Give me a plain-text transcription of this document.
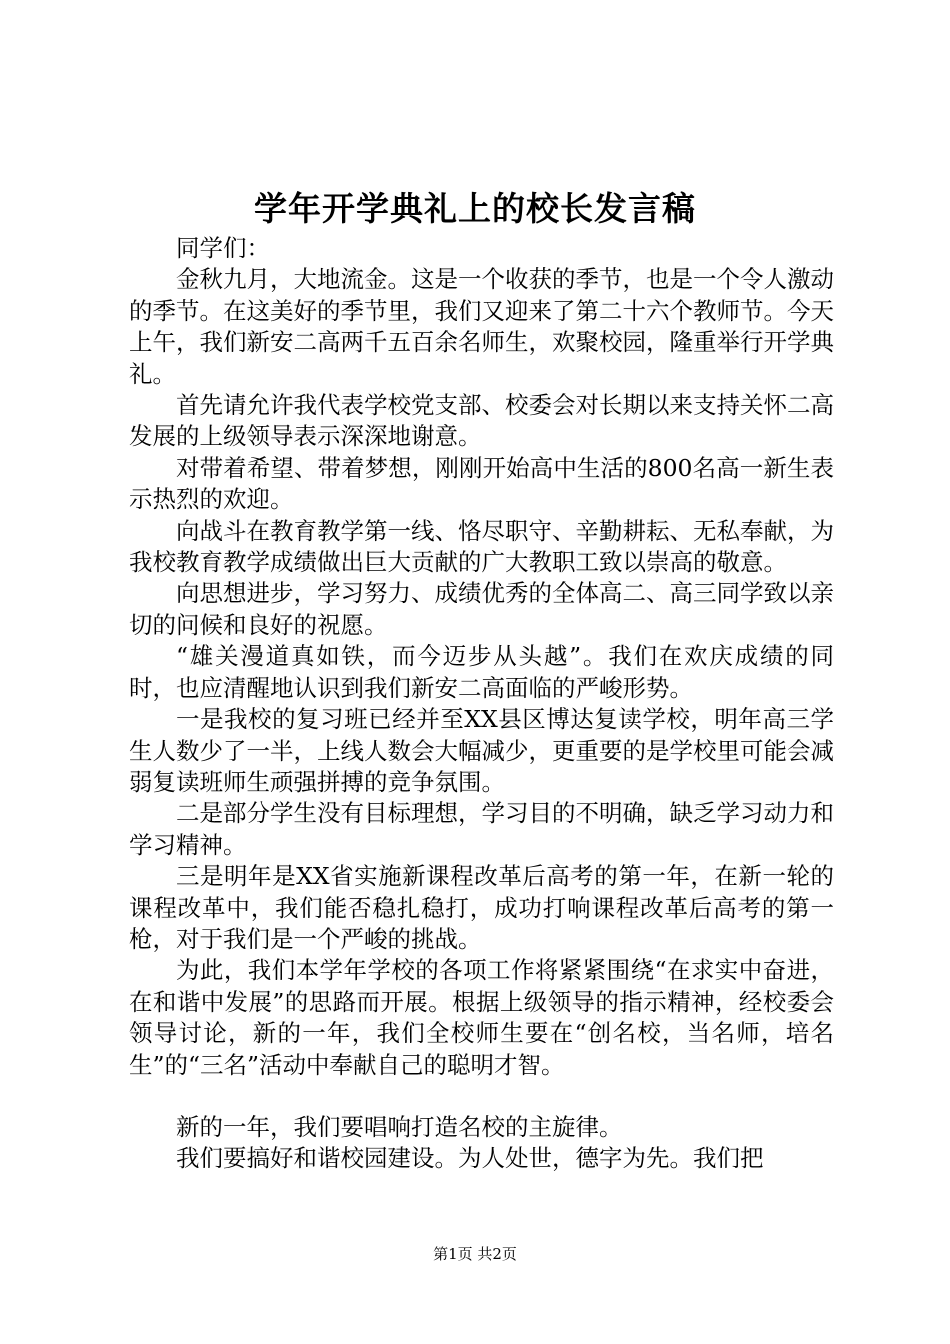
学年开学典礼上的校长发言稿

同学们：

金秋九月，大地流金。这是一个收获的季节，也是一个令人激动的季节。在这美好的季节里，我们又迎来了第二十六个教师节。今天上午，我们新安二高两千五百余名师生，欢聚校园，隆重举行开学典礼。

首先请允许我代表学校党支部、校委会对长期以来支持关怀二高发展的上级领导表示深深地谢意。

对带着希望、带着梦想，刚刚开始高中生活的800名高一新生表示热烈的欢迎。

向战斗在教育教学第一线、恪尽职守、辛勤耕耘、无私奉献，为我校教育教学成绩做出巨大贡献的广大教职工致以崇高的敬意。

向思想进步，学习努力、成绩优秀的全体高二、高三同学致以亲切的问候和良好的祝愿。

“雄关漫道真如铁，而今迈步从头越”。我们在欢庆成绩的同时，也应清醒地认识到我们新安二高面临的严峻形势。

一是我校的复习班已经并至XX县区博达复读学校，明年高三学生人数少了一半，上线人数会大幅减少，更重要的是学校里可能会减弱复读班师生顽强拼搏的竞争氛围。

二是部分学生没有目标理想，学习目的不明确，缺乏学习动力和学习精神。

三是明年是XX省实施新课程改革后高考的第一年，在新一轮的课程改革中，我们能否稳扎稳打，成功打响课程改革后高考的第一枪，对于我们是一个严峻的挑战。

为此，我们本学年学校的各项工作将紧紧围绕“在求实中奋进，在和谐中发展”的思路而开展。根据上级领导的指示精神，经校委会领导讨论，新的一年，我们全校师生要在“创名校，当名师，培名生”的“三名”活动中奉献自己的聪明才智。

新的一年，我们要唱响打造名校的主旋律。

我们要搞好和谐校园建设。为人处世，德字为先。我们把

第1页 共2页
